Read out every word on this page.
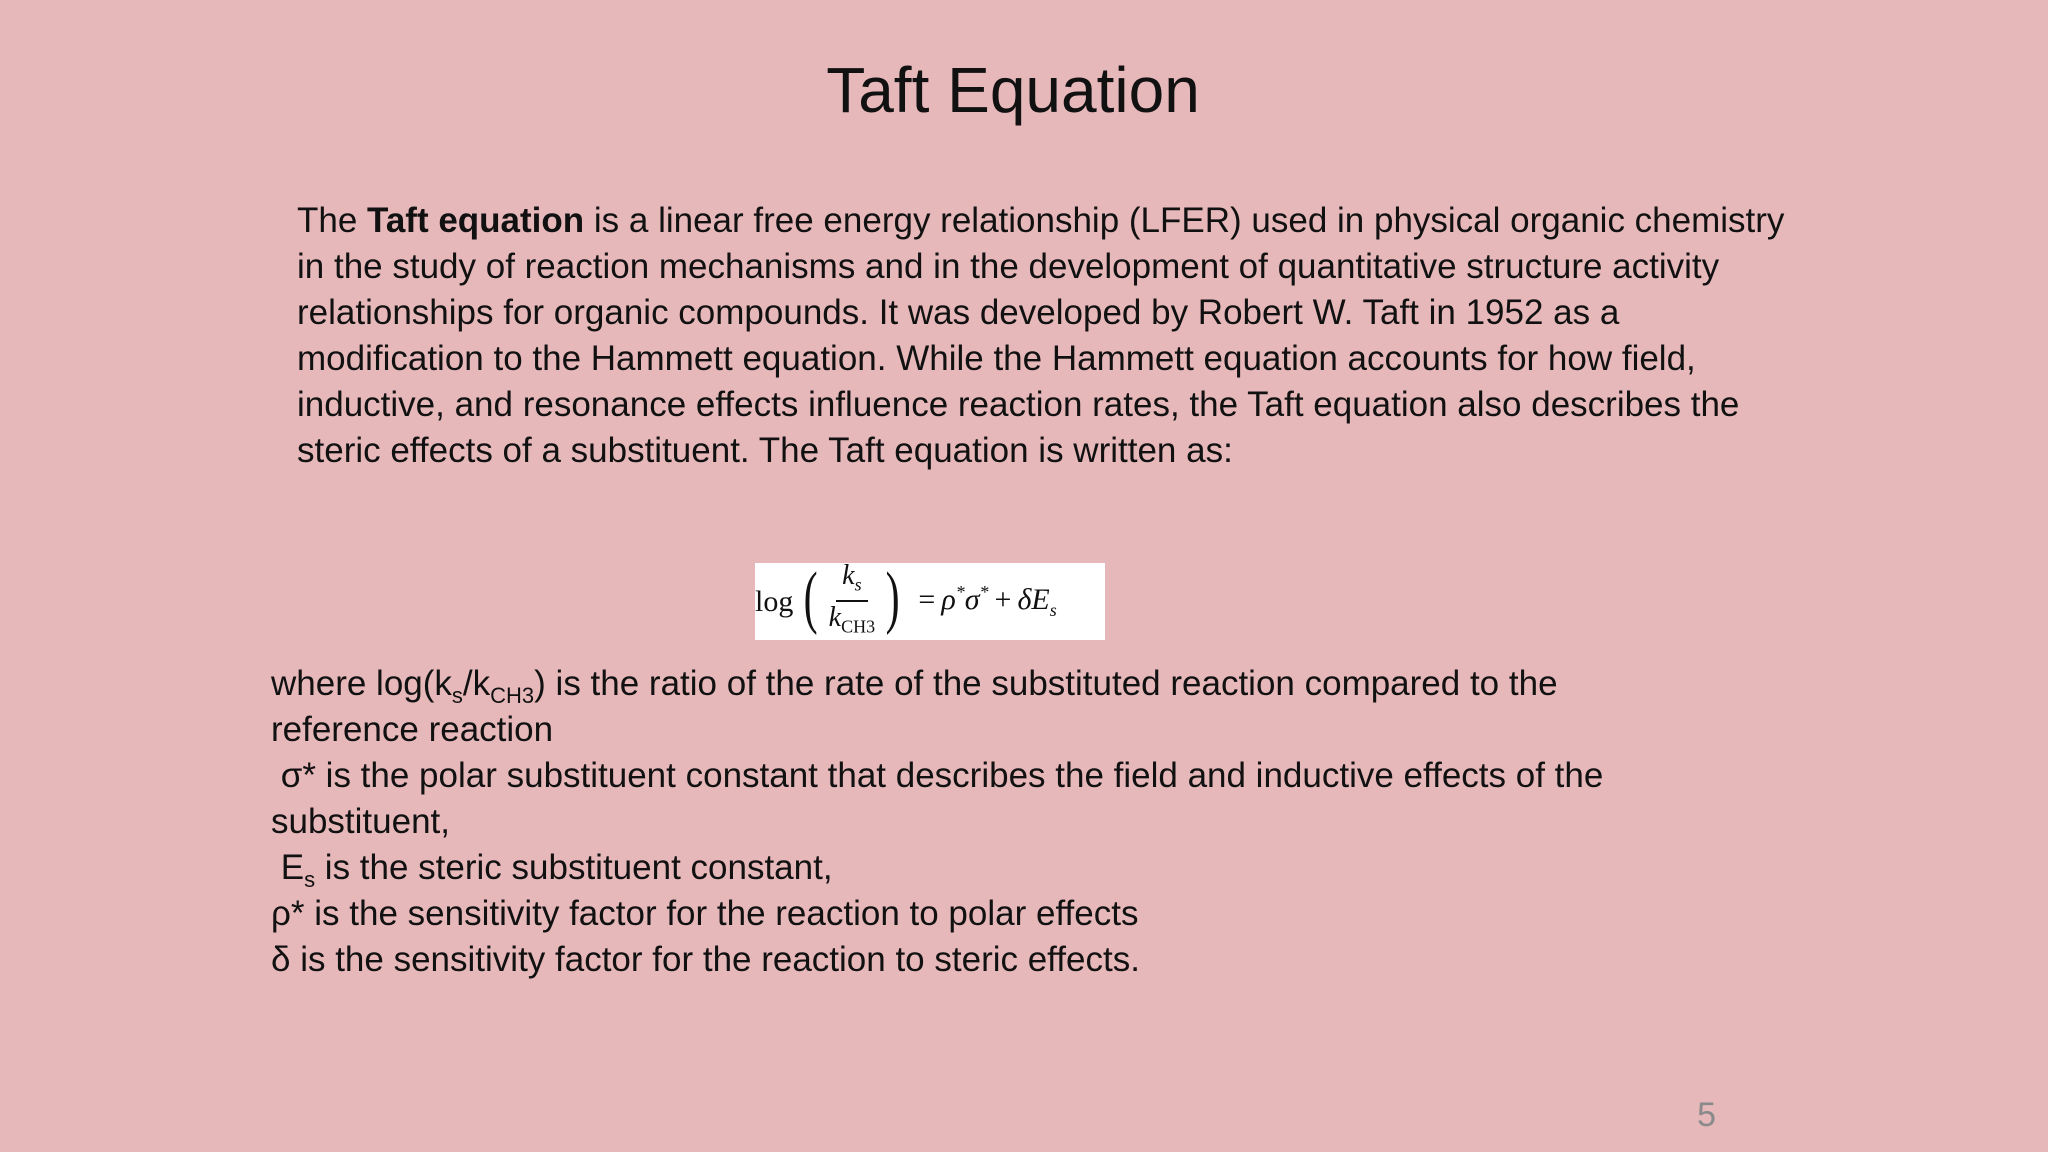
Taft Equation

The Taft equation is a linear free energy relationship (LFER) used in physical organic chemistry in the study of reaction mechanisms and in the development of quantitative structure activity relationships for organic compounds. It was developed by Robert W. Taft in 1952 as a modification to the Hammett equation. While the Hammett equation accounts for how field, inductive, and resonance effects influence reaction rates, the Taft equation also describes the steric effects of a substituent. The Taft equation is written as:

log ( $\frac{k_s}{k_{CH3}}$ ) = $\rho^*\sigma^* + \delta E_s$
where $\log(k_s/k_{CH3})$ is the ratio of the rate of the substituted reaction compared to the
reference reaction
σ* is the polar substituent constant that describes the field and inductive effects of the
substituent,
$E_s$ is the steric substituent constant,
ρ* is the sensitivity factor for the reaction to polar effects
δ is the sensitivity factor for the reaction to steric effects.
5
